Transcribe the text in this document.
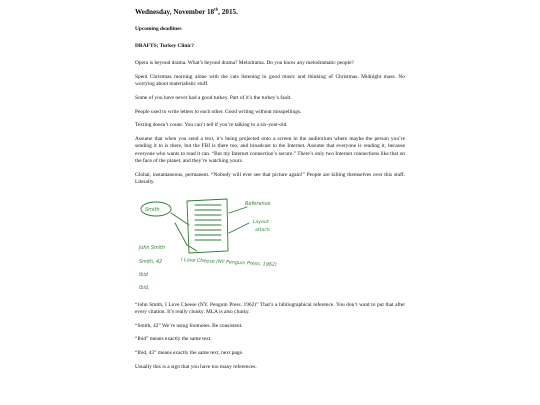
Wednesday, November 18th, 2015.
Upcoming deadlines
DRAFTS; Turkey Clinic?

Opera is beyond drama. What’s beyond drama? Melodrama. Do you know any melodramatic people?

Spent Christmas morning alone with the cats listening to good music and thinking of Christmas. Midnight mass. No worrying about materialistic stuff.

Some of you have never had a good turkey. Part of it’s the turkey’s fault.

People used to write letters to each other. Good writing without misspellings.

Texting doesn’t count. You can’t tell if you’re talking to a six-year-old.

Assume that when you send a text, it’s being projected onto a screen in the auditorium where maybe the person you’re sending it to is there, but the FBI is there too, and broadcast to the Internet. Assume that everyone is reading it, because everyone who wants to read it can. “But my Internet connection’s secure.” There’s only two Internet connections like that on the face of the planet, and they’re watching yours.

Global, instantaneous, permanent. “Nobody will ever see that picture again!” People are killing themselves over this stuff. Literally.

Smith
Reference
Layout
attach
John Smith
I Love Cheese (NY Penguin Press, 1962)
Smith, 42
Ibid
Ibid,

“John Smith, I Love Cheese (NY. Penguin Press. 1962)” That’s a bibliographical reference. You don’t want to put that after every citation. It’s really clunky. MLA is also clunky.

“Smith, 42” We’re using footnotes. Be consistent.

“Ibid” means exactly the same text.

“Ibid, 43” means exactly the same text, next page.

Usually this is a sign that you have too many references.
